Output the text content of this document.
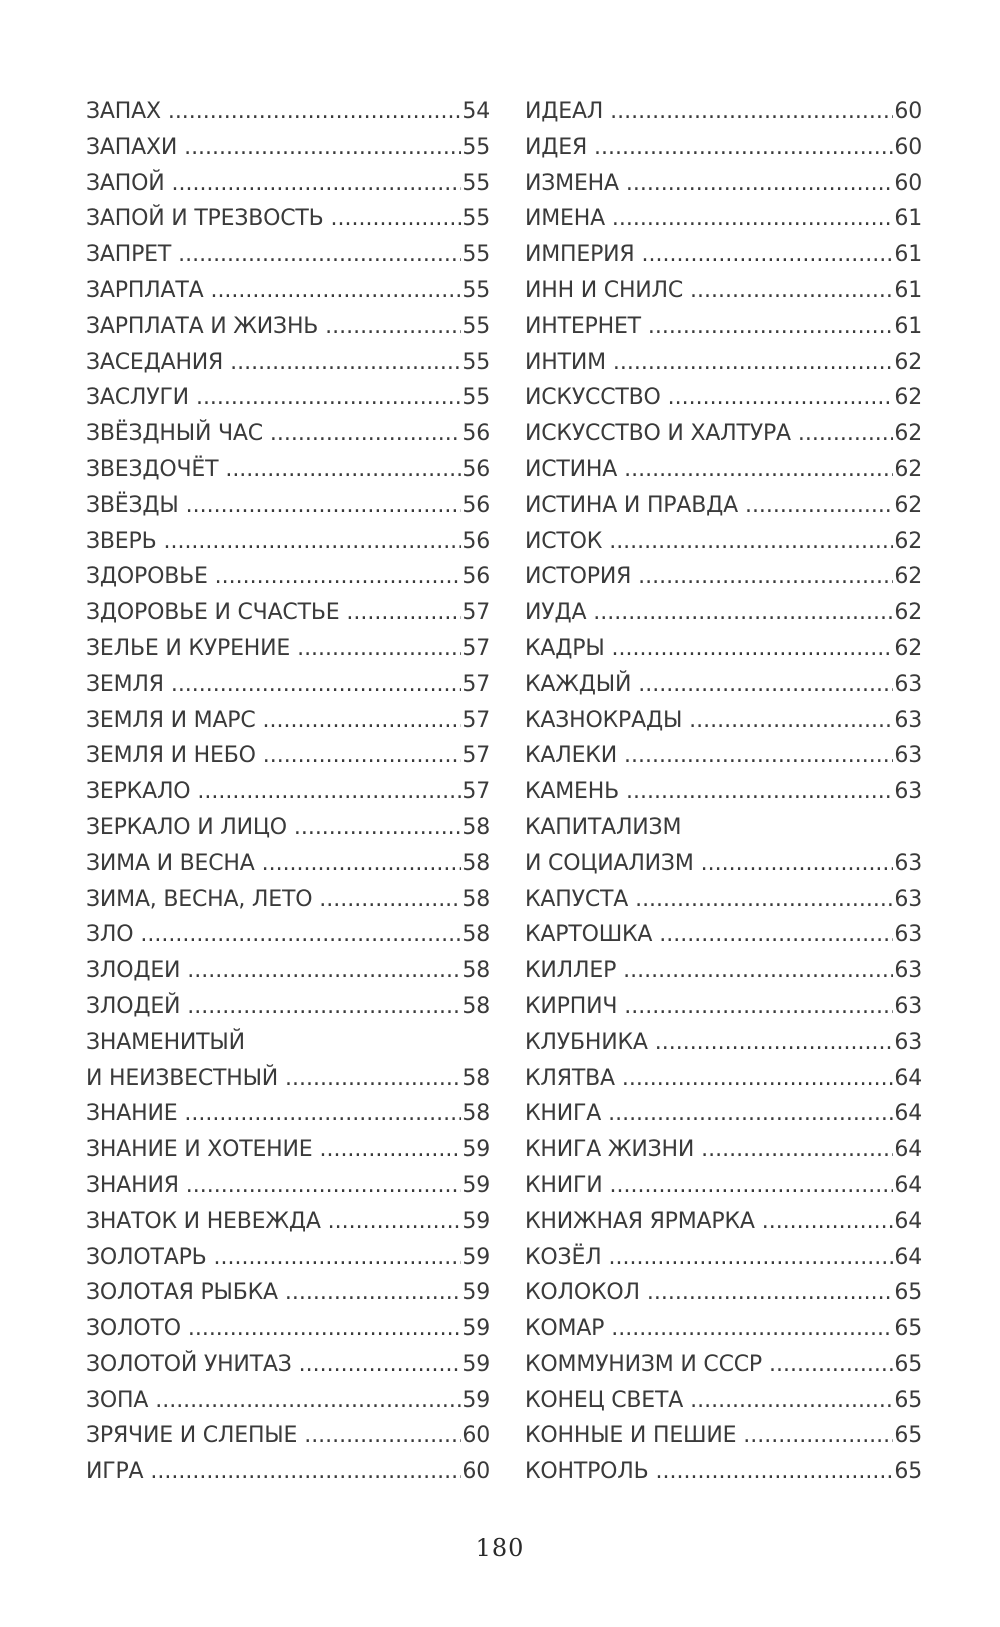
ЗАПАХ .....	54
ЗАПАХИ .....	55
ЗАПОЙ .....	55
ЗАПОЙ И ТРЕЗВОСТЬ .....	55
ЗАПРЕТ .....	55
ЗАРПЛАТА .....	55
ЗАРПЛАТА И ЖИЗНЬ .....	55
ЗАСЕДАНИЯ .....	55
ЗАСЛУГИ .....	55
ЗВЁЗДНЫЙ ЧАС .....	56
ЗВЕЗДОЧЁТ .....	56
ЗВЁЗДЫ .....	56
ЗВЕРЬ .....	56
ЗДОРОВЬЕ .....	56
ЗДОРОВЬЕ И СЧАСТЬЕ .....	57
ЗЕЛЬЕ И КУРЕНИЕ .....	57
ЗЕМЛЯ .....	57
ЗЕМЛЯ И МАРС .....	57
ЗЕМЛЯ И НЕБО .....	57
ЗЕРКАЛО .....	57
ЗЕРКАЛО И ЛИЦО .....	58
ЗИМА И ВЕСНА .....	58
ЗИМА, ВЕСНА, ЛЕТО .....	58
ЗЛО .....	58
ЗЛОДЕИ .....	58
ЗЛОДЕЙ .....	58
ЗНАМЕНИТЫЙ
И НЕИЗВЕСТНЫЙ .....	58
ЗНАНИЕ .....	58
ЗНАНИЕ И ХОТЕНИЕ .....	59
ЗНАНИЯ .....	59
ЗНАТОК И НЕВЕЖДА .....	59
ЗОЛОТАРЬ .....	59
ЗОЛОТАЯ РЫБКА .....	59
ЗОЛОТО .....	59
ЗОЛОТОЙ УНИТАЗ .....	59
ЗОПА .....	59
ЗРЯЧИЕ И СЛЕПЫЕ .....	60
ИГРА .....	60
ИДЕАЛ .....	60
ИДЕЯ .....	60
ИЗМЕНА .....	60
ИМЕНА .....	61
ИМПЕРИЯ .....	61
ИНН И СНИЛС .....	61
ИНТЕРНЕТ .....	61
ИНТИМ .....	62
ИСКУССТВО .....	62
ИСКУССТВО И ХАЛТУРА .....	62
ИСТИНА .....	62
ИСТИНА И ПРАВДА .....	62
ИСТОК .....	62
ИСТОРИЯ .....	62
ИУДА .....	62
КАДРЫ .....	62
КАЖДЫЙ .....	63
КАЗНОКРАДЫ .....	63
КАЛЕКИ .....	63
КАМЕНЬ .....	63
КАПИТАЛИЗМ
И СОЦИАЛИЗМ .....	63
КАПУСТА .....	63
КАРТОШКА .....	63
КИЛЛЕР .....	63
КИРПИЧ .....	63
КЛУБНИКА .....	63
КЛЯТВА .....	64
КНИГА .....	64
КНИГА ЖИЗНИ .....	64
КНИГИ .....	64
КНИЖНАЯ ЯРМАРКА .....	64
КОЗЁЛ .....	64
КОЛОКОЛ .....	65
КОМАР .....	65
КОММУНИЗМ И СССР .....	65
КОНЕЦ СВЕТА .....	65
КОННЫЕ И ПЕШИЕ .....	65
КОНТРОЛЬ .....	65
180
